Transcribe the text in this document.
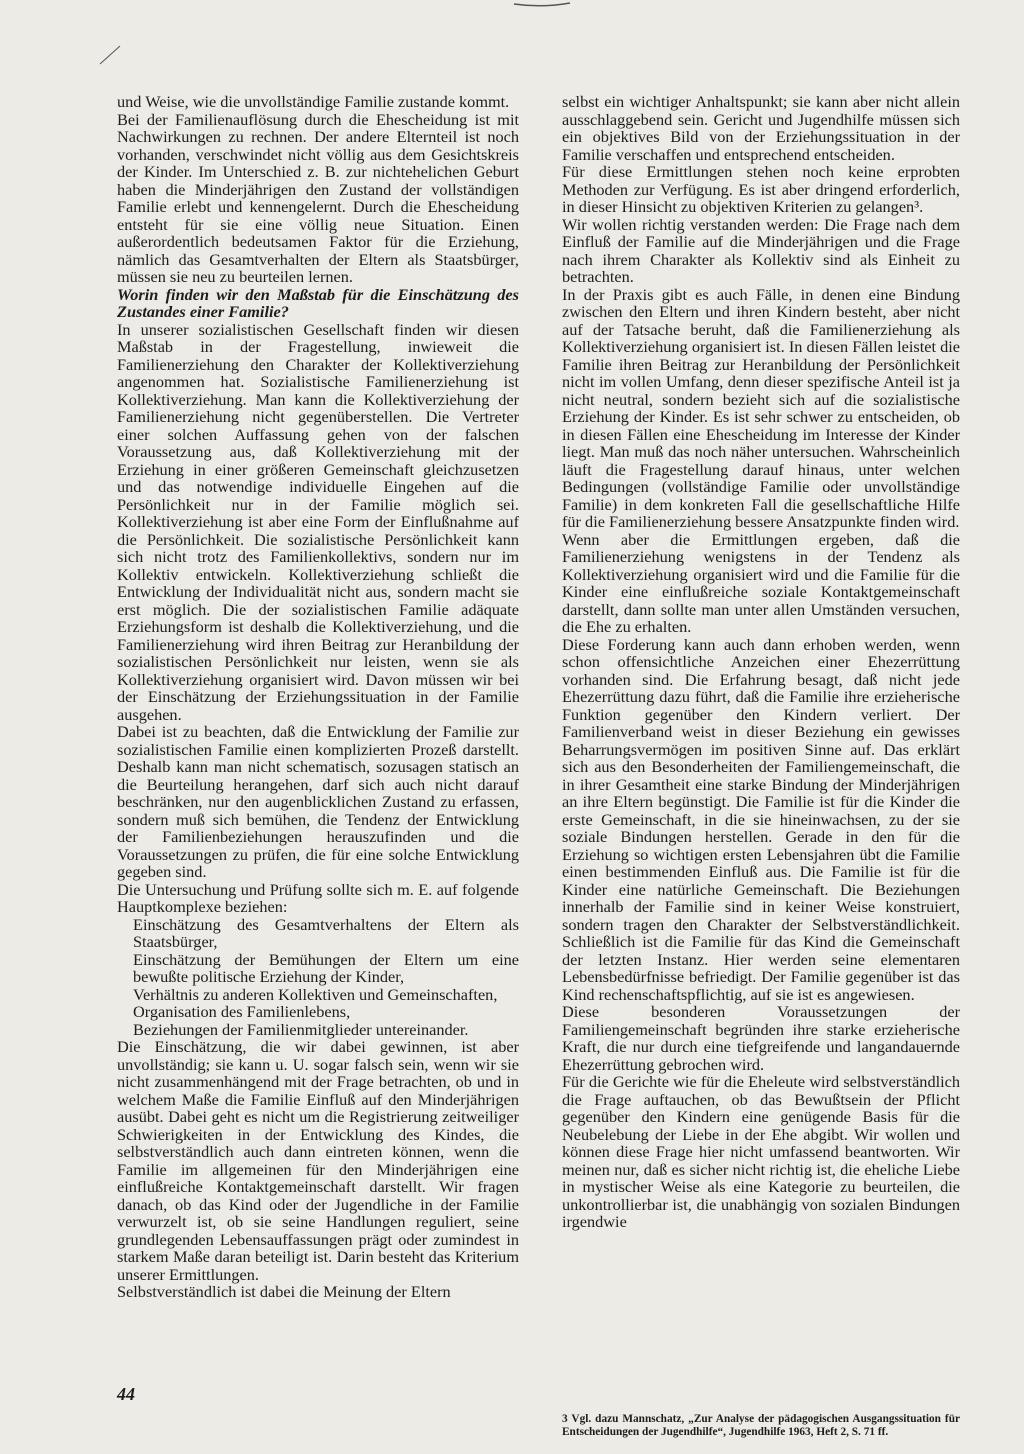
und Weise, wie die unvollständige Familie zustande kommt.

Bei der Familienauflösung durch die Ehescheidung ist mit Nachwirkungen zu rechnen. Der andere Elternteil ist noch vorhanden, verschwindet nicht völlig aus dem Gesichtskreis der Kinder. Im Unterschied z. B. zur nichtehelichen Geburt haben die Minderjährigen den Zustand der vollständigen Familie erlebt und kennengelernt. Durch die Ehescheidung entsteht für sie eine völlig neue Situation. Einen außerordentlich bedeutsamen Faktor für die Erziehung, nämlich das Gesamtverhalten der Eltern als Staatsbürger, müssen sie neu zu beurteilen lernen.

Worin finden wir den Maßstab für die Einschätzung des Zustandes einer Familie?

In unserer sozialistischen Gesellschaft finden wir diesen Maßstab in der Fragestellung, inwieweit die Familienerziehung den Charakter der Kollektiverziehung angenommen hat. Sozialistische Familienerziehung ist Kollektiverziehung. Man kann die Kollektiverziehung der Familienerziehung nicht gegenüberstellen. Die Vertreter einer solchen Auffassung gehen von der falschen Voraussetzung aus, daß Kollektiverziehung mit der Erziehung in einer größeren Gemeinschaft gleichzusetzen und das notwendige individuelle Eingehen auf die Persönlichkeit nur in der Familie möglich sei. Kollektiverziehung ist aber eine Form der Einflußnahme auf die Persönlichkeit. Die sozialistische Persönlichkeit kann sich nicht trotz des Familienkollektivs, sondern nur im Kollektiv entwickeln. Kollektiverziehung schließt die Entwicklung der Individualität nicht aus, sondern macht sie erst möglich. Die der sozialistischen Familie adäquate Erziehungsform ist deshalb die Kollektiverziehung, und die Familienerziehung wird ihren Beitrag zur Heranbildung der sozialistischen Persönlichkeit nur leisten, wenn sie als Kollektiverziehung organisiert wird. Davon müssen wir bei der Einschätzung der Erziehungssituation in der Familie ausgehen.

Dabei ist zu beachten, daß die Entwicklung der Familie zur sozialistischen Familie einen komplizierten Prozeß darstellt. Deshalb kann man nicht schematisch, sozusagen statisch an die Beurteilung herangehen, darf sich auch nicht darauf beschränken, nur den augenblicklichen Zustand zu erfassen, sondern muß sich bemühen, die Tendenz der Entwicklung der Familienbeziehungen herauszufinden und die Voraussetzungen zu prüfen, die für eine solche Entwicklung gegeben sind.

Die Untersuchung und Prüfung sollte sich m. E. auf folgende Hauptkomplexe beziehen:

Einschätzung des Gesamtverhaltens der Eltern als Staatsbürger,
Einschätzung der Bemühungen der Eltern um eine bewußte politische Erziehung der Kinder,
Verhältnis zu anderen Kollektiven und Gemeinschaften,
Organisation des Familienlebens,
Beziehungen der Familienmitglieder untereinander.

Die Einschätzung, die wir dabei gewinnen, ist aber unvollständig; sie kann u. U. sogar falsch sein, wenn wir sie nicht zusammenhängend mit der Frage betrachten, ob und in welchem Maße die Familie Einfluß auf den Minderjährigen ausübt. Dabei geht es nicht um die Registrierung zeitweiliger Schwierigkeiten in der Entwicklung des Kindes, die selbstverständlich auch dann eintreten können, wenn die Familie im allgemeinen für den Minderjährigen eine einflußreiche Kontaktgemeinschaft darstellt. Wir fragen danach, ob das Kind oder der Jugendliche in der Familie verwurzelt ist, ob sie seine Handlungen reguliert, seine grundlegenden Lebensauffassungen prägt oder zumindest in starkem Maße daran beteiligt ist. Darin besteht das Kriterium unserer Ermittlungen.

Selbstverständlich ist dabei die Meinung der Eltern

selbst ein wichtiger Anhaltspunkt; sie kann aber nicht allein ausschlaggebend sein. Gericht und Jugendhilfe müssen sich ein objektives Bild von der Erziehungssituation in der Familie verschaffen und entsprechend entscheiden.

Für diese Ermittlungen stehen noch keine erprobten Methoden zur Verfügung. Es ist aber dringend erforderlich, in dieser Hinsicht zu objektiven Kriterien zu gelangen³.

Wir wollen richtig verstanden werden: Die Frage nach dem Einfluß der Familie auf die Minderjährigen und die Frage nach ihrem Charakter als Kollektiv sind als Einheit zu betrachten.

In der Praxis gibt es auch Fälle, in denen eine Bindung zwischen den Eltern und ihren Kindern besteht, aber nicht auf der Tatsache beruht, daß die Familienerziehung als Kollektiverziehung organisiert ist. In diesen Fällen leistet die Familie ihren Beitrag zur Heranbildung der Persönlichkeit nicht im vollen Umfang, denn dieser spezifische Anteil ist ja nicht neutral, sondern bezieht sich auf die sozialistische Erziehung der Kinder. Es ist sehr schwer zu entscheiden, ob in diesen Fällen eine Ehescheidung im Interesse der Kinder liegt. Man muß das noch näher untersuchen. Wahrscheinlich läuft die Fragestellung darauf hinaus, unter welchen Bedingungen (vollständige Familie oder unvollständige Familie) in dem konkreten Fall die gesellschaftliche Hilfe für die Familienerziehung bessere Ansatzpunkte finden wird.

Wenn aber die Ermittlungen ergeben, daß die Familienerziehung wenigstens in der Tendenz als Kollektiverziehung organisiert wird und die Familie für die Kinder eine einflußreiche soziale Kontaktgemeinschaft darstellt, dann sollte man unter allen Umständen versuchen, die Ehe zu erhalten.

Diese Forderung kann auch dann erhoben werden, wenn schon offensichtliche Anzeichen einer Ehezerrüttung vorhanden sind. Die Erfahrung besagt, daß nicht jede Ehezerrüttung dazu führt, daß die Familie ihre erzieherische Funktion gegenüber den Kindern verliert. Der Familienverband weist in dieser Beziehung ein gewisses Beharrungsvermögen im positiven Sinne auf. Das erklärt sich aus den Besonderheiten der Familiengemeinschaft, die in ihrer Gesamtheit eine starke Bindung der Minderjährigen an ihre Eltern begünstigt. Die Familie ist für die Kinder die erste Gemeinschaft, in die sie hineinwachsen, zu der sie soziale Bindungen herstellen. Gerade in den für die Erziehung so wichtigen ersten Lebensjahren übt die Familie einen bestimmenden Einfluß aus. Die Familie ist für die Kinder eine natürliche Gemeinschaft. Die Beziehungen innerhalb der Familie sind in keiner Weise konstruiert, sondern tragen den Charakter der Selbstverständlichkeit. Schließlich ist die Familie für das Kind die Gemeinschaft der letzten Instanz. Hier werden seine elementaren Lebensbedürfnisse befriedigt. Der Familie gegenüber ist das Kind rechenschaftspflichtig, auf sie ist es angewiesen.

Diese besonderen Voraussetzungen der Familiengemeinschaft begründen ihre starke erzieherische Kraft, die nur durch eine tiefgreifende und langandauernde Ehezerrüttung gebrochen wird.

Für die Gerichte wie für die Eheleute wird selbstverständlich die Frage auftauchen, ob das Bewußtsein der Pflicht gegenüber den Kindern eine genügende Basis für die Neubelebung der Liebe in der Ehe abgibt. Wir wollen und können diese Frage hier nicht umfassend beantworten. Wir meinen nur, daß es sicher nicht richtig ist, die eheliche Liebe in mystischer Weise als eine Kategorie zu beurteilen, die unkontrollierbar ist, die unabhängig von sozialen Bindungen irgendwie

3 Vgl. dazu Mannschatz, „Zur Analyse der pädagogischen Ausgangssituation für Entscheidungen der Jugendhilfe“, Jugendhilfe 1963, Heft 2, S. 71 ff.
44
